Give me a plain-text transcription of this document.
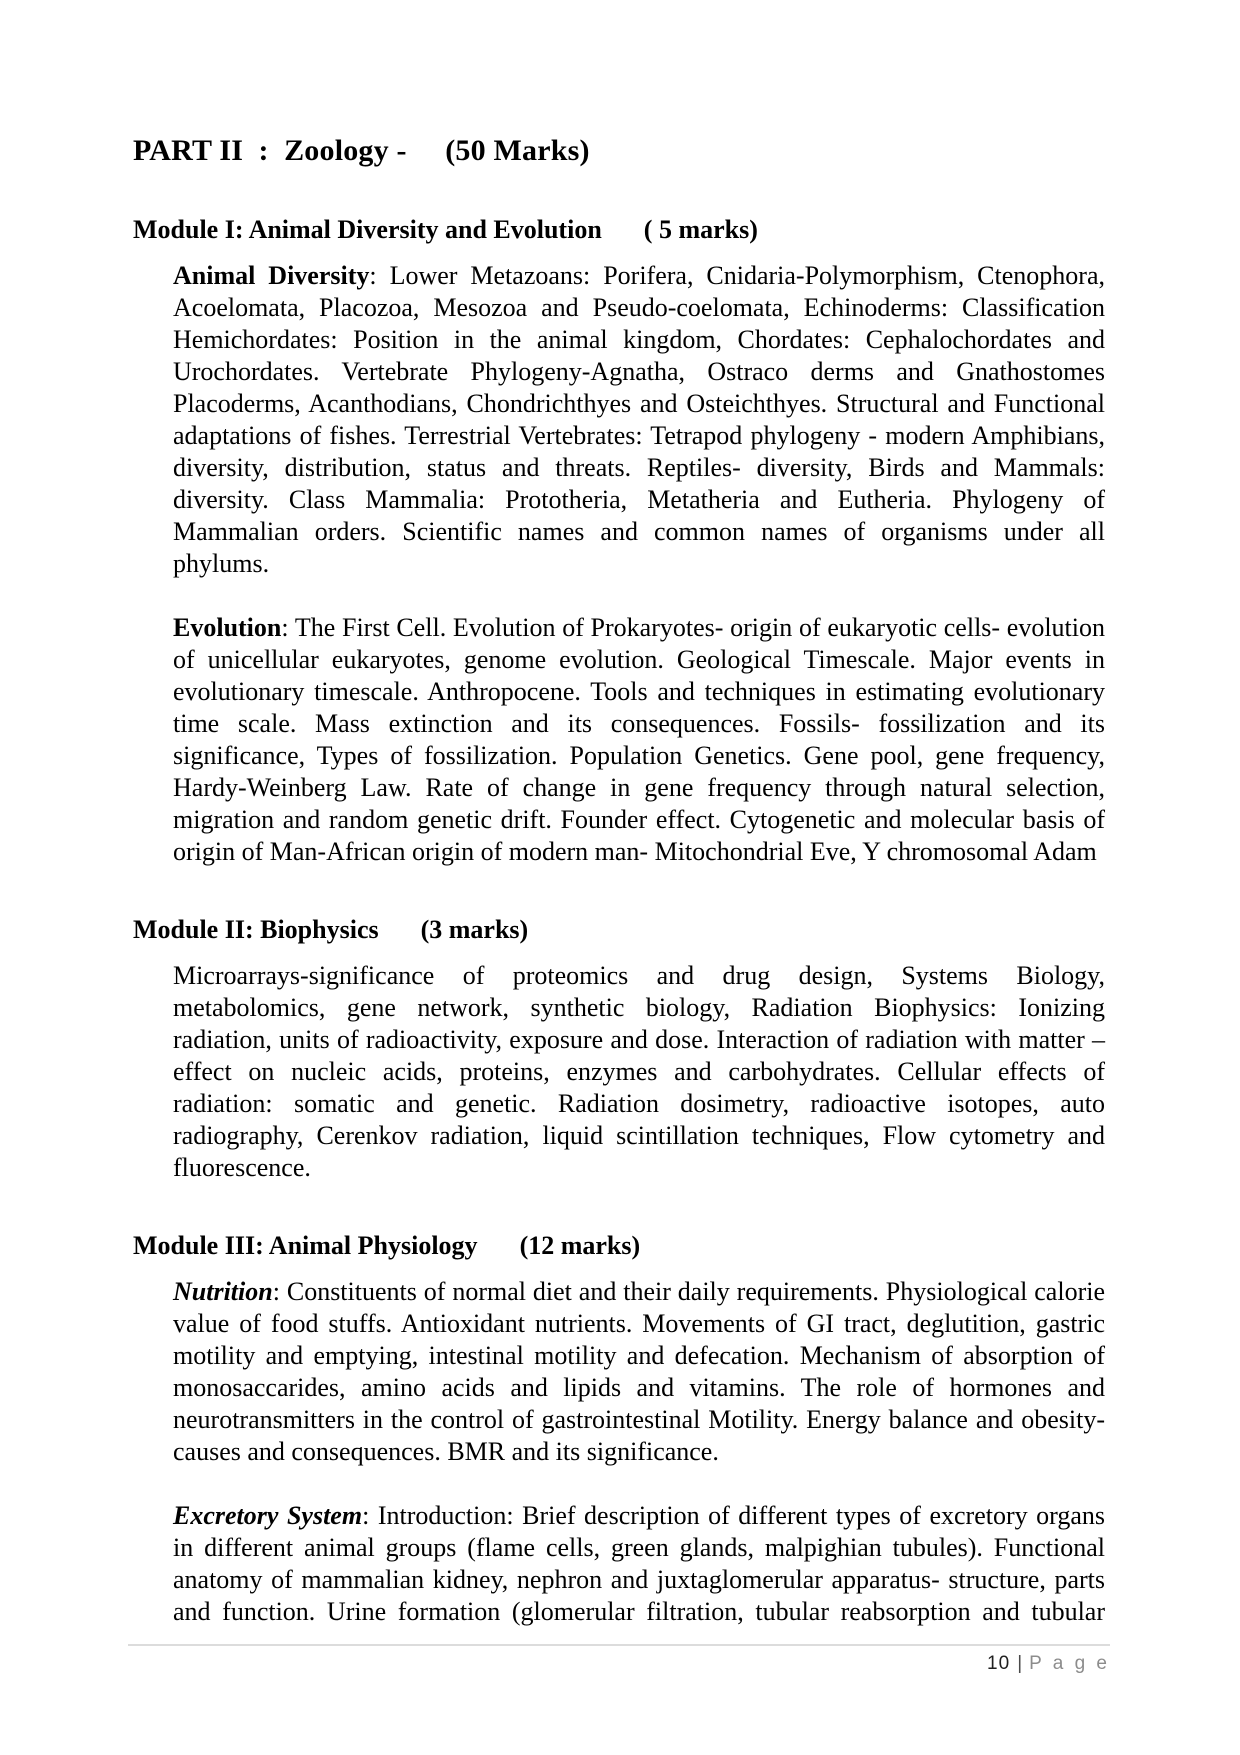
PART II  :  Zoology -     (50 Marks)
Module I: Animal Diversity and Evolution ( 5 marks)

Animal Diversity: Lower Metazoans: Porifera, Cnidaria-Polymorphism, Ctenophora, Acoelomata, Placozoa, Mesozoa and Pseudo-coelomata, Echinoderms: Classification Hemichordates: Position in the animal kingdom, Chordates: Cephalochordates and Urochordates. Vertebrate Phylogeny-Agnatha, Ostraco derms and Gnathostomes Placoderms, Acanthodians, Chondrichthyes and Osteichthyes. Structural and Functional adaptations of fishes. Terrestrial Vertebrates: Tetrapod phylogeny - modern Amphibians, diversity, distribution, status and threats. Reptiles- diversity, Birds and Mammals: diversity. Class Mammalia: Prototheria, Metatheria and Eutheria. Phylogeny of Mammalian orders. Scientific names and common names of organisms under all phylums.

Evolution: The First Cell. Evolution of Prokaryotes- origin of eukaryotic cells- evolution of unicellular eukaryotes, genome evolution. Geological Timescale. Major events in evolutionary timescale. Anthropocene. Tools and techniques in estimating evolutionary time scale. Mass extinction and its consequences. Fossils- fossilization and its significance, Types of fossilization. Population Genetics. Gene pool, gene frequency, Hardy-Weinberg Law. Rate of change in gene frequency through natural selection, migration and random genetic drift. Founder effect. Cytogenetic and molecular basis of origin of Man-African origin of modern man- Mitochondrial Eve, Y chromosomal Adam

Module II: Biophysics (3 marks)

Microarrays-significance of proteomics and drug design, Systems Biology, metabolomics, gene network, synthetic biology, Radiation Biophysics: Ionizing radiation, units of radioactivity, exposure and dose. Interaction of radiation with matter – effect on nucleic acids, proteins, enzymes and carbohydrates. Cellular effects of radiation: somatic and genetic. Radiation dosimetry, radioactive isotopes, auto radiography, Cerenkov radiation, liquid scintillation techniques, Flow cytometry and fluorescence.

Module III: Animal Physiology (12 marks)

Nutrition: Constituents of normal diet and their daily requirements. Physiological calorie value of food stuffs. Antioxidant nutrients. Movements of GI tract, deglutition, gastric motility and emptying, intestinal motility and defecation. Mechanism of absorption of monosaccarides, amino acids and lipids and vitamins. The role of hormones and neurotransmitters in the control of gastrointestinal Motility. Energy balance and obesity- causes and consequences. BMR and its significance.

Excretory System: Introduction: Brief description of different types of excretory organs in different animal groups (flame cells, green glands, malpighian tubules). Functional anatomy of mammalian kidney, nephron and juxtaglomerular apparatus- structure, parts and function. Urine formation (glomerular filtration, tubular reabsorption and tubular

10 | P a g e
